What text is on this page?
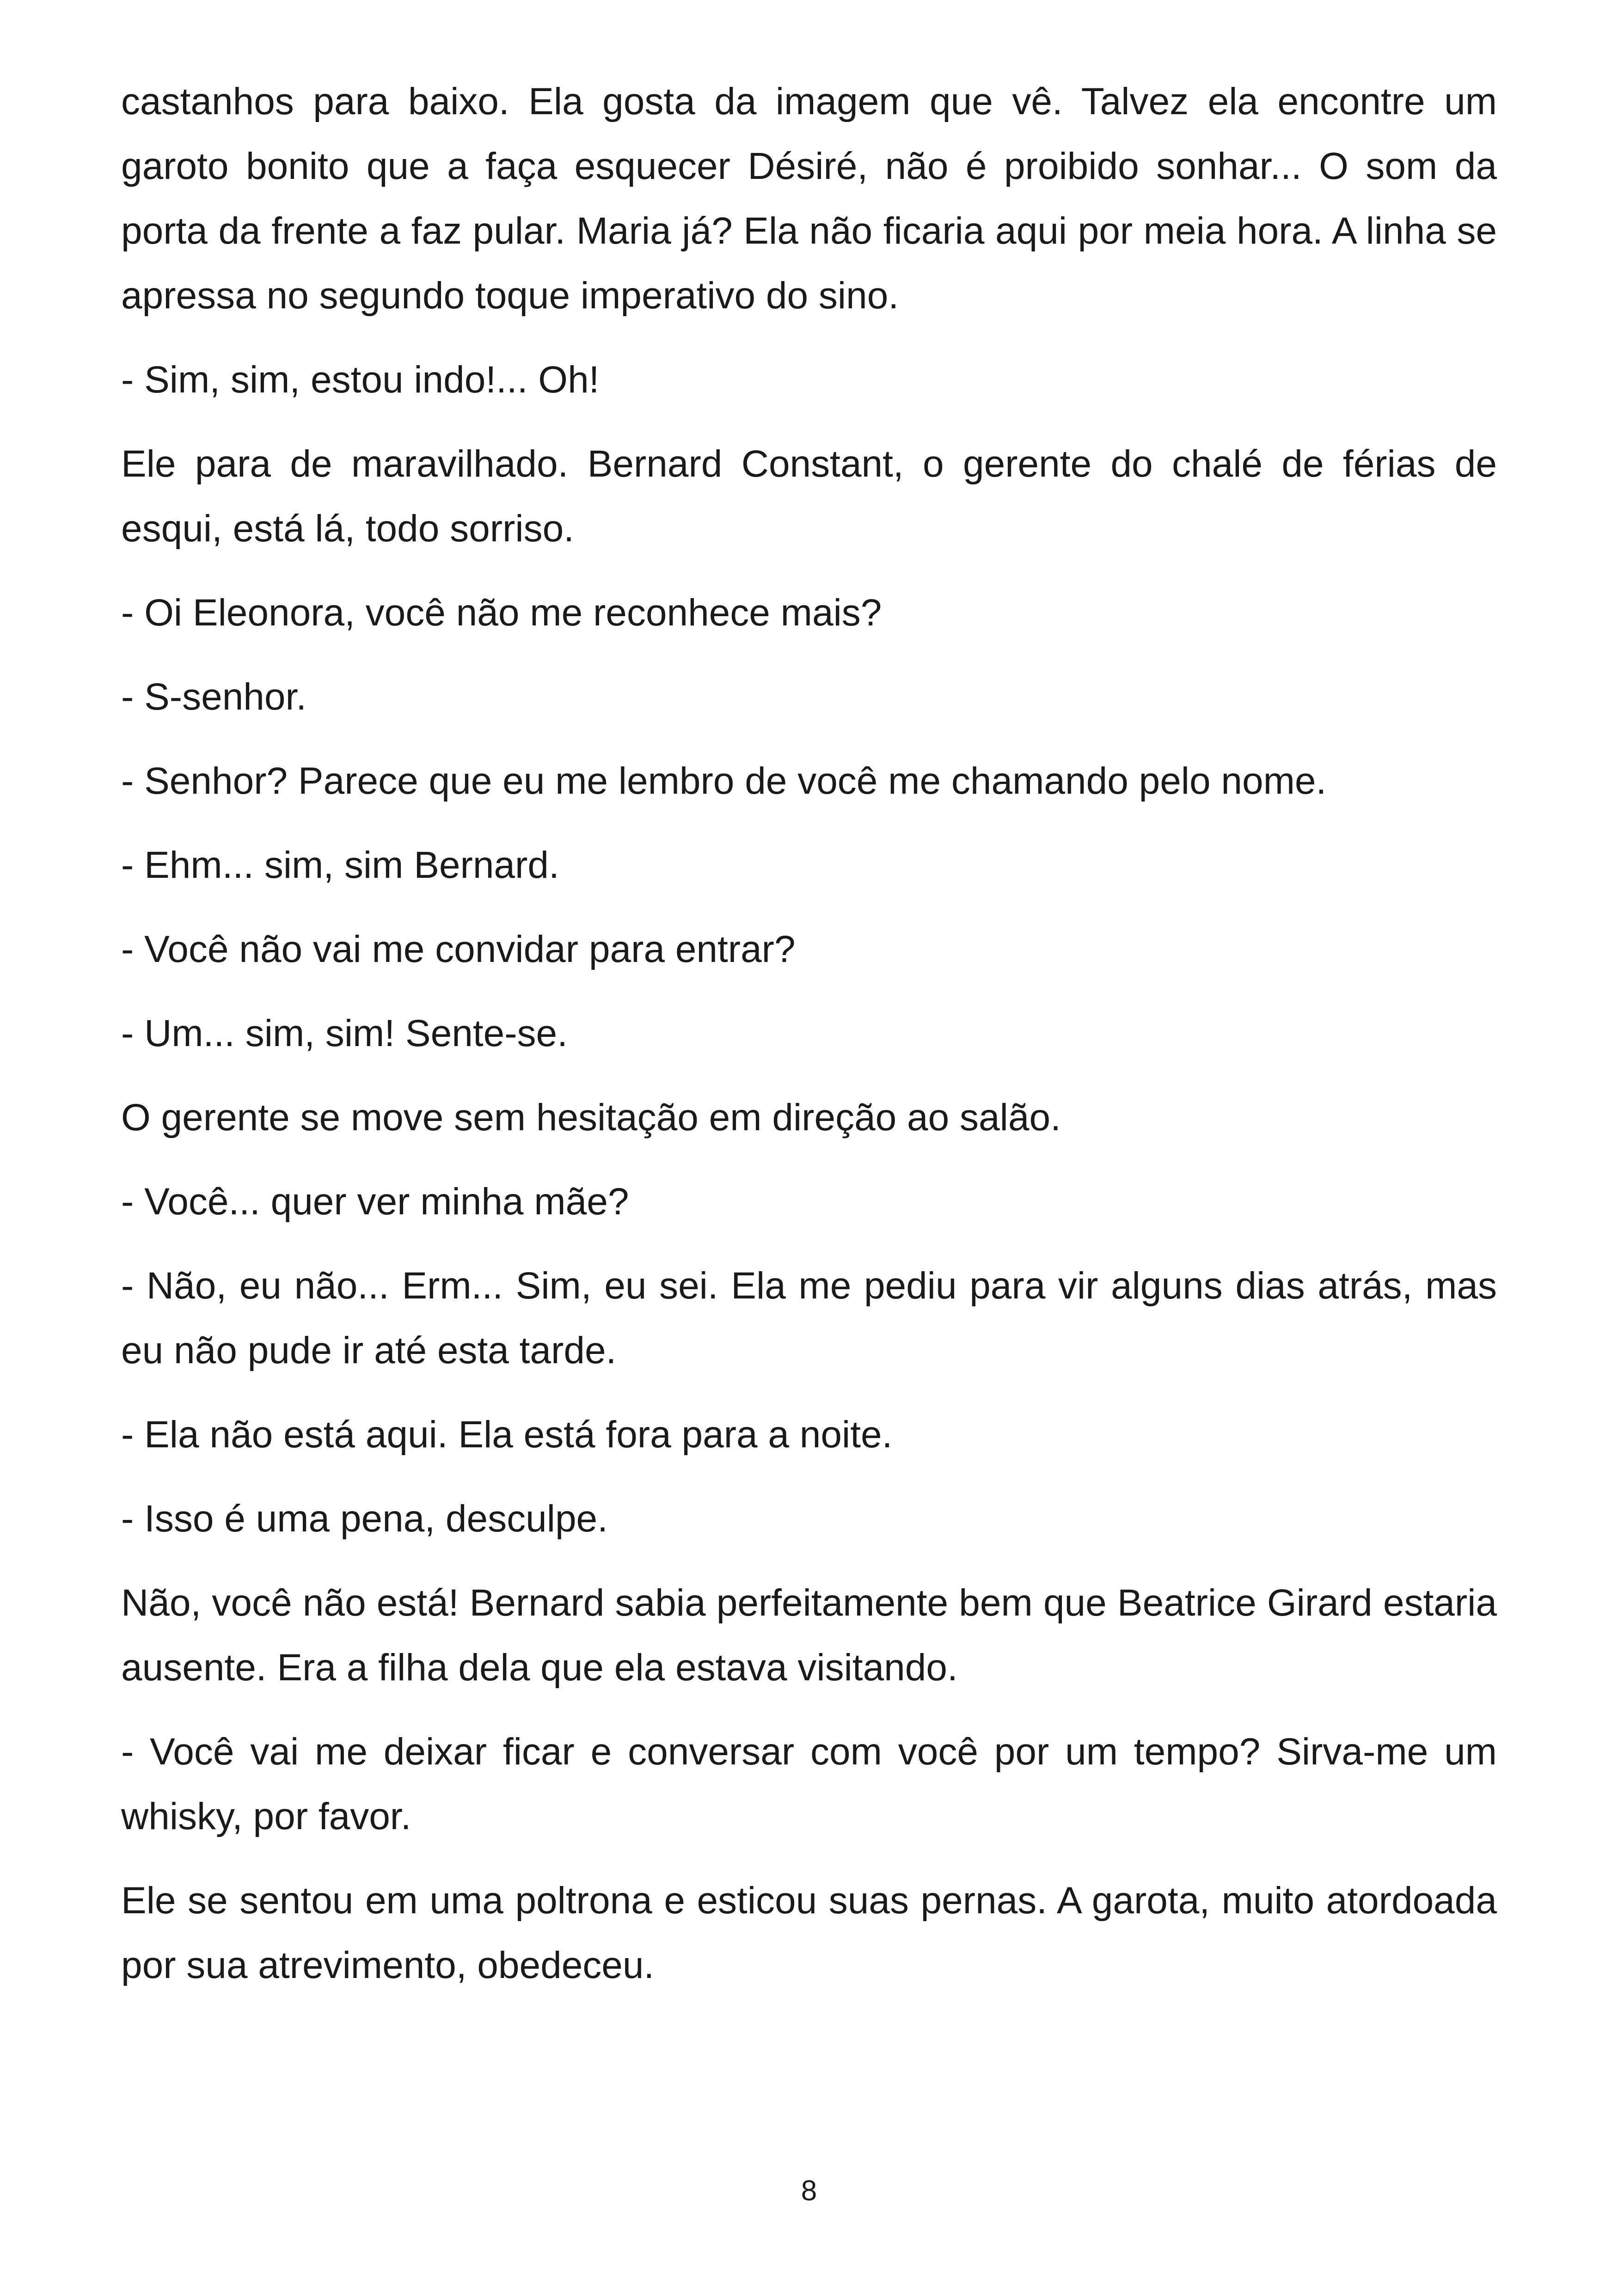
castanhos para baixo. Ela gosta da imagem que vê. Talvez ela encontre um garoto bonito que a faça esquecer Désiré, não é proibido sonhar... O som da porta da frente a faz pular. Maria já? Ela não ficaria aqui por meia hora. A linha se apressa no segundo toque imperativo do sino.

- Sim, sim, estou indo!... Oh!

Ele para de maravilhado. Bernard Constant, o gerente do chalé de férias de esqui, está lá, todo sorriso.

- Oi Eleonora, você não me reconhece mais?

- S-senhor.

- Senhor? Parece que eu me lembro de você me chamando pelo nome.

- Ehm... sim, sim Bernard.

- Você não vai me convidar para entrar?

- Um... sim, sim! Sente-se.

O gerente se move sem hesitação em direção ao salão.

- Você... quer ver minha mãe?

- Não, eu não... Erm... Sim, eu sei. Ela me pediu para vir alguns dias atrás, mas eu não pude ir até esta tarde.

- Ela não está aqui. Ela está fora para a noite.

- Isso é uma pena, desculpe.

Não, você não está! Bernard sabia perfeitamente bem que Beatrice Girard estaria ausente. Era a filha dela que ela estava visitando.

- Você vai me deixar ficar e conversar com você por um tempo? Sirva-me um whisky, por favor.

Ele se sentou em uma poltrona e esticou suas pernas. A garota, muito atordoada por sua atrevimento, obedeceu.

8
